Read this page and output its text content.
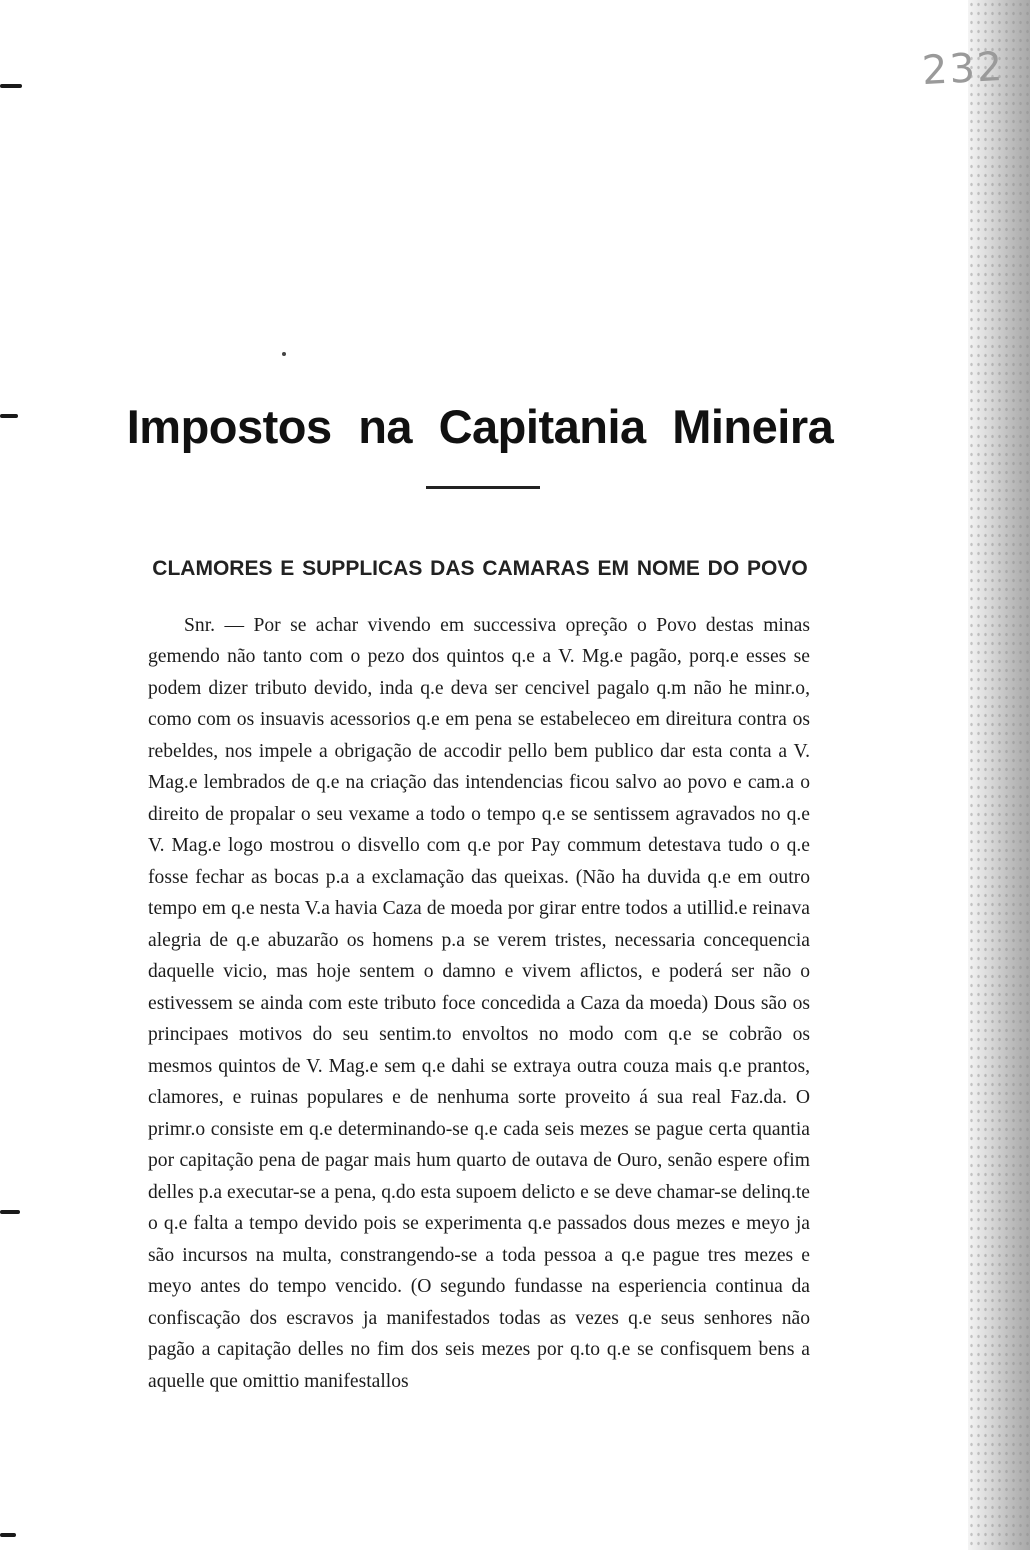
232
Impostos na Capitania Mineira
CLAMORES E SUPPLICAS DAS CAMARAS EM NOME DO POVO

Snr. — Por se achar vivendo em successiva opreção o Povo destas minas gemendo não tanto com o pezo dos quintos q.e a V. Mg.e pagão, porq.e esses se podem dizer tributo devido, inda q.e deva ser cencivel pagalo q.m não he minr.o, como com os insuavis acessorios q.e em pena se estabeleceo em direitura contra os rebeldes, nos impele a obrigação de accodir pello bem publico dar esta conta a V. Mag.e lembrados de q.e na criação das intendencias ficou salvo ao povo e cam.a o direito de propalar o seu vexame a todo o tempo q.e se sentissem agravados no q.e V. Mag.e logo mostrou o disvello com q.e por Pay commum detestava tudo o q.e fosse fechar as bocas p.a a exclamação das queixas. (Não ha duvida q.e em outro tempo em q.e nesta V.a havia Caza de moeda por girar entre todos a utillid.e reinava alegria de q.e abuzarão os homens p.a se verem tristes, necessaria concequencia daquelle vicio, mas hoje sentem o damno e vivem aflictos, e poderá ser não o estivessem se ainda com este tributo foce concedida a Caza da moeda) Dous são os principaes motivos do seu sentim.to envoltos no modo com q.e se cobrão os mesmos quintos de V. Mag.e sem q.e dahi se extraya outra couza mais q.e prantos, clamores, e ruinas populares e de nenhuma sorte proveito á sua real Faz.da. O primr.o consiste em q.e determinando-se q.e cada seis mezes se pague certa quantia por capitação pena de pagar mais hum quarto de outava de Ouro, senão espere ofim delles p.a executar-se a pena, q.do esta supoem delicto e se deve chamar-se delinq.te o q.e falta a tempo devido pois se experimenta q.e passados dous mezes e meyo ja são incursos na multa, constrangendo-se a toda pessoa a q.e pague tres mezes e meyo antes do tempo vencido. (O segundo fundasse na esperiencia continua da confiscação dos escravos ja manifestados todas as vezes q.e seus senhores não pagão a capitação delles no fim dos seis mezes por q.to q.e se confisquem bens a aquelle que omittio manifestallos
